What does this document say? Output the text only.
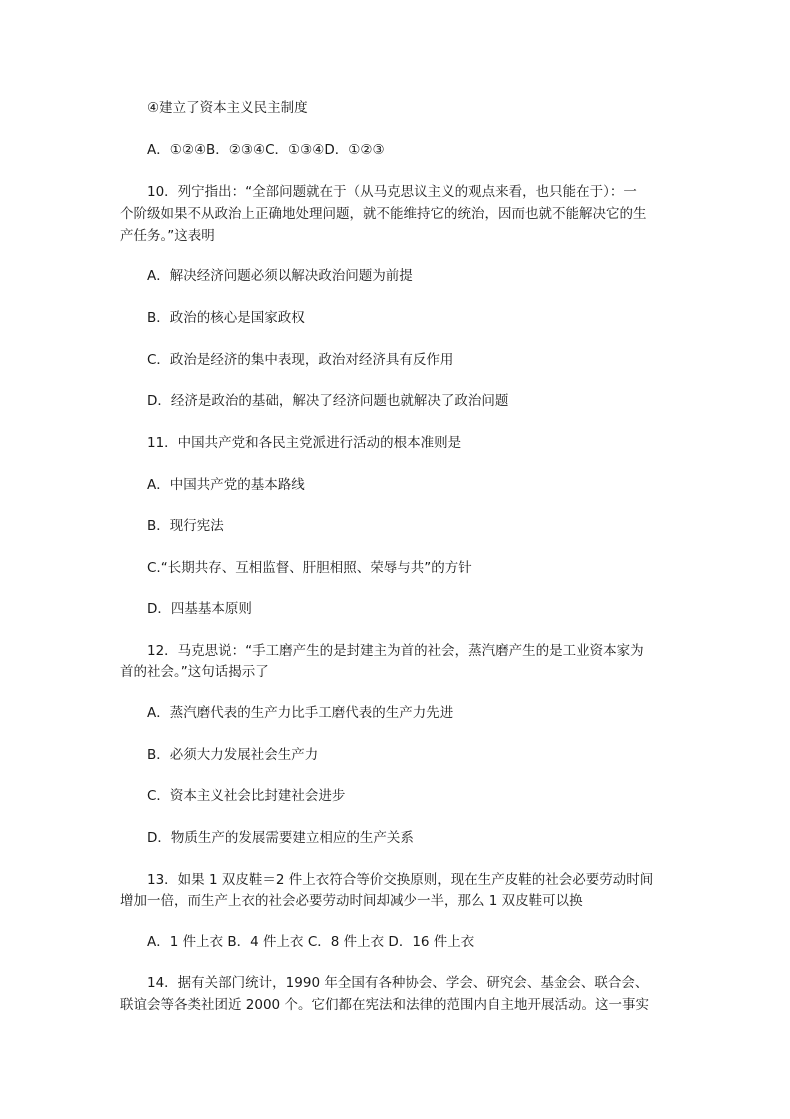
④建立了资本主义民主制度
A．①②④B．②③④C．①③④D．①②③
10．列宁指出：“全部问题就在于（从马克思议主义的观点来看，也只能在于）：一
个阶级如果不从政治上正确地处理问题，就不能维持它的统治，因而也就不能解决它的生
产任务。”这表明
A．解决经济问题必须以解决政治问题为前提
B．政治的核心是国家政权
C．政治是经济的集中表现，政治对经济具有反作用
D．经济是政治的基础，解决了经济问题也就解决了政治问题
11．中国共产党和各民主党派进行活动的根本准则是
A．中国共产党的基本路线
B．现行宪法
C.“长期共存、互相监督、肝胆相照、荣辱与共”的方针
D．四基基本原则
12．马克思说：“手工磨产生的是封建主为首的社会，蒸汽磨产生的是工业资本家为
首的社会。”这句话揭示了
A．蒸汽磨代表的生产力比手工磨代表的生产力先进
B．必须大力发展社会生产力
C．资本主义社会比封建社会进步
D．物质生产的发展需要建立相应的生产关系
13．如果 1 双皮鞋＝2 件上衣符合等价交换原则，现在生产皮鞋的社会必要劳动时间
增加一倍，而生产上衣的社会必要劳动时间却减少一半，那么 1 双皮鞋可以换
A．1 件上衣 B．4 件上衣 C．8 件上衣 D．16 件上衣
14．据有关部门统计，1990 年全国有各种协会、学会、研究会、基金会、联合会、
联谊会等各类社团近 2000 个。它们都在宪法和法律的范围内自主地开展活动。这一事实
